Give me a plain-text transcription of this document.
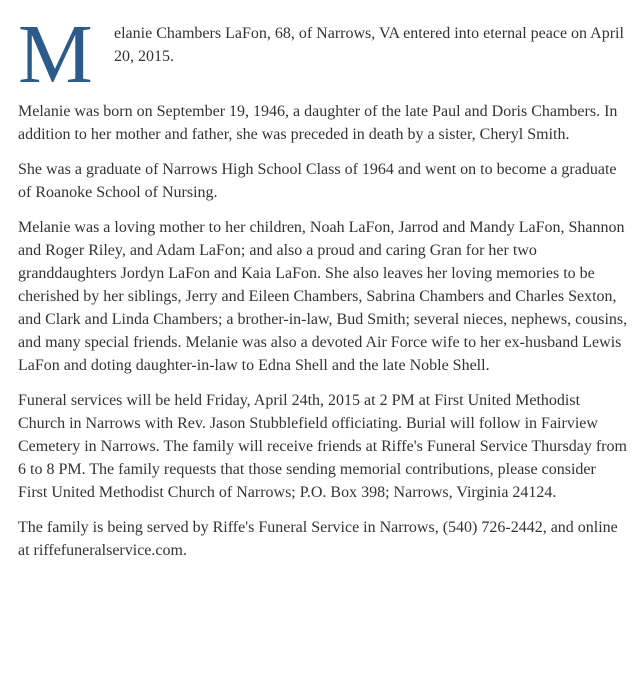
M elanie Chambers LaFon, 68, of Narrows, VA entered into eternal peace on April 20, 2015.

Melanie was born on September 19, 1946, a daughter of the late Paul and Doris Chambers. In addition to her mother and father, she was preceded in death by a sister, Cheryl Smith.

She was a graduate of Narrows High School Class of 1964 and went on to become a graduate of Roanoke School of Nursing.

Melanie was a loving mother to her children, Noah LaFon, Jarrod and Mandy LaFon, Shannon and Roger Riley, and Adam LaFon; and also a proud and caring Gran for her two granddaughters Jordyn LaFon and Kaia LaFon. She also leaves her loving memories to be cherished by her siblings, Jerry and Eileen Chambers, Sabrina Chambers and Charles Sexton, and Clark and Linda Chambers; a brother-in-law, Bud Smith; several nieces, nephews, cousins, and many special friends. Melanie was also a devoted Air Force wife to her ex-husband Lewis LaFon and doting daughter-in-law to Edna Shell and the late Noble Shell.

Funeral services will be held Friday, April 24th, 2015 at 2 PM at First United Methodist Church in Narrows with Rev. Jason Stubblefield officiating. Burial will follow in Fairview Cemetery in Narrows. The family will receive friends at Riffe's Funeral Service Thursday from 6 to 8 PM. The family requests that those sending memorial contributions, please consider First United Methodist Church of Narrows; P.O. Box 398; Narrows, Virginia 24124.

The family is being served by Riffe's Funeral Service in Narrows, (540) 726-2442, and online at riffefuneralservice.com.
